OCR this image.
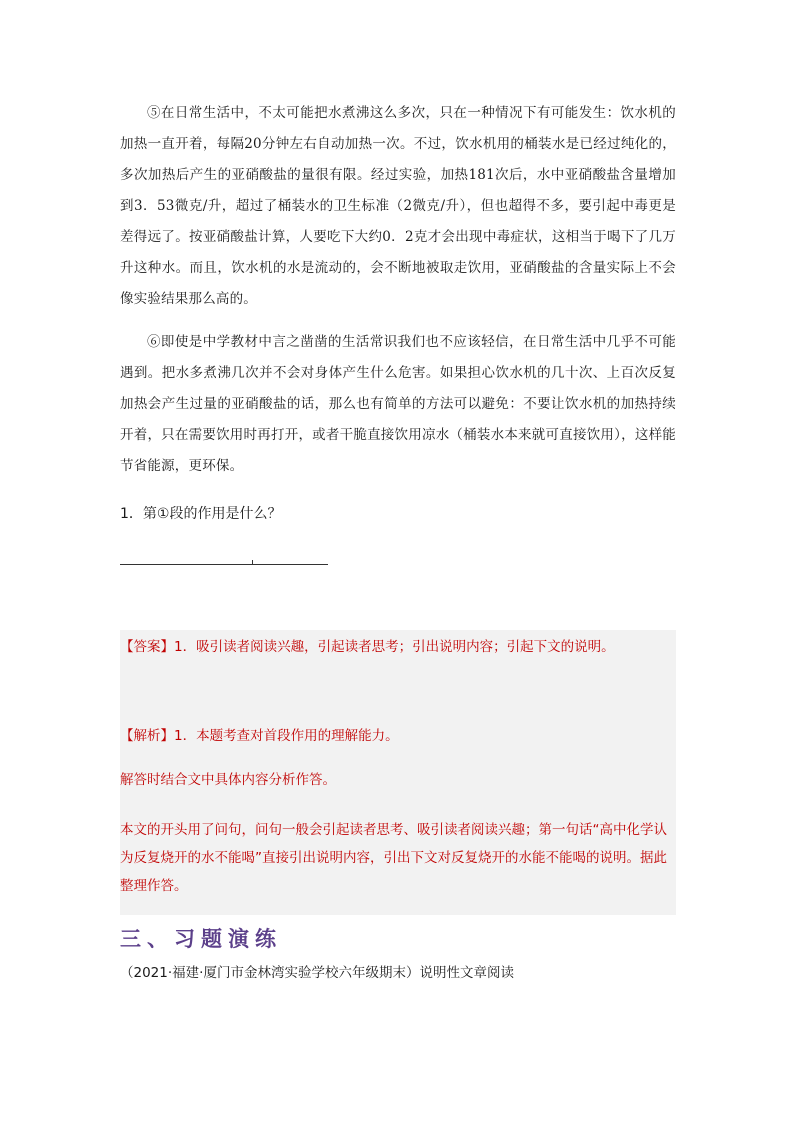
⑤在日常生活中，不太可能把水煮沸这么多次，只在一种情况下有可能发生：饮水机的加热一直开着，每隔20分钟左右自动加热一次。不过，饮水机用的桶装水是已经过纯化的，多次加热后产生的亚硝酸盐的量很有限。经过实验，加热181次后，水中亚硝酸盐含量增加到3．53微克/升，超过了桶装水的卫生标准（2微克/升），但也超得不多，要引起中毒更是差得远了。按亚硝酸盐计算，人要吃下大约0．2克才会出现中毒症状，这相当于喝下了几万升这种水。而且，饮水机的水是流动的，会不断地被取走饮用，亚硝酸盐的含量实际上不会像实验结果那么高的。

⑥即使是中学教材中言之凿凿的生活常识我们也不应该轻信，在日常生活中几乎不可能遇到。把水多煮沸几次并不会对身体产生什么危害。如果担心饮水机的几十次、上百次反复加热会产生过量的亚硝酸盐的话，那么也有简单的方法可以避免：不要让饮水机的加热持续开着，只在需要饮用时再打开，或者干脆直接饮用凉水（桶装水本来就可直接饮用），这样能节省能源，更环保。

1．第①段的作用是什么？
【答案】1．吸引读者阅读兴趣，引起读者思考；引出说明内容；引起下文的说明。
【解析】1．本题考查对首段作用的理解能力。
解答时结合文中具体内容分析作答。

本文的开头用了问句，问句一般会引起读者思考、吸引读者阅读兴趣；第一句话“高中化学认为反复烧开的水不能喝”直接引出说明内容，引出下文对反复烧开的水能不能喝的说明。据此整理作答。

三、习题演练
（2021·福建·厦门市金林湾实验学校六年级期末）说明性文章阅读
